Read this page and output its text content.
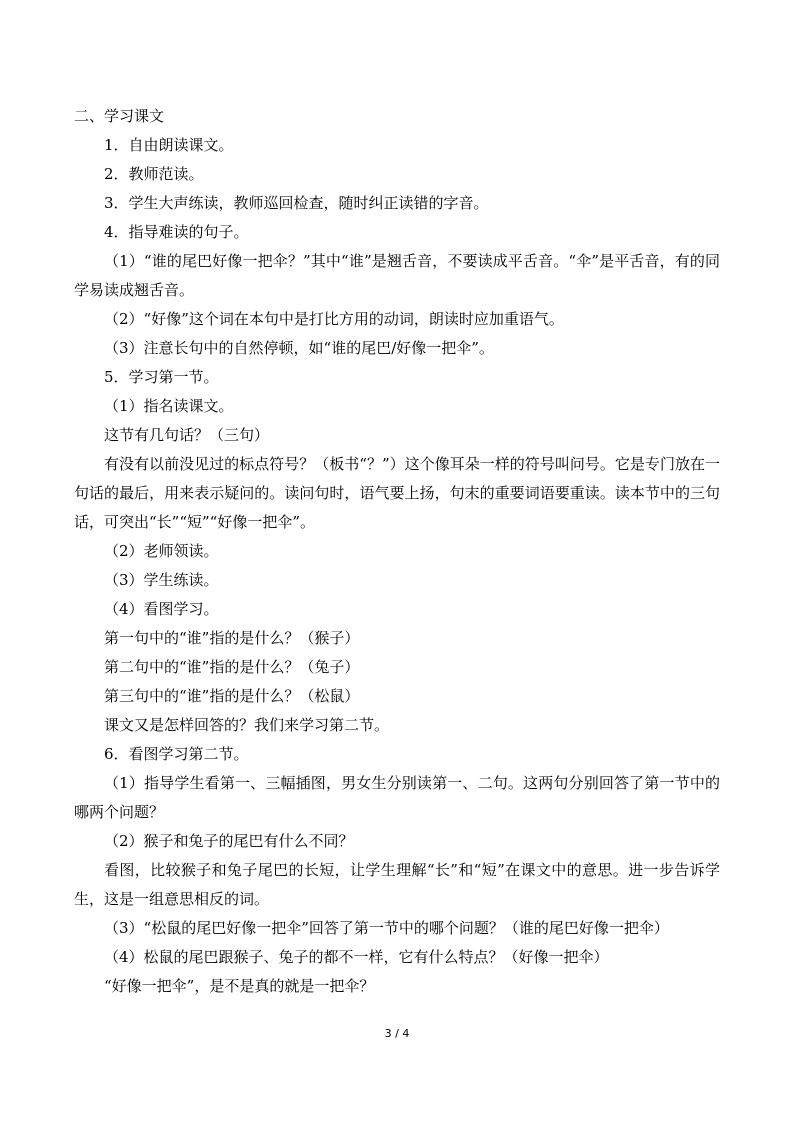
二、学习课文

1．自由朗读课文。

2．教师范读。

3．学生大声练读，教师巡回检查，随时纠正读错的字音。

4．指导难读的句子。

（1）“谁的尾巴好像一把伞？”其中“谁”是翘舌音，不要读成平舌音。“伞”是平舌音，有的同学易读成翘舌音。

（2）“好像”这个词在本句中是打比方用的动词，朗读时应加重语气。

（3）注意长句中的自然停顿，如“谁的尾巴/好像一把伞”。

5．学习第一节。

（1）指名读课文。

这节有几句话？（三句）

有没有以前没见过的标点符号？（板书“？”）这个像耳朵一样的符号叫问号。它是专门放在一句话的最后，用来表示疑问的。读问句时，语气要上扬，句末的重要词语要重读。读本节中的三句话，可突出“长”“短”“好像一把伞”。

（2）老师领读。

（3）学生练读。

（4）看图学习。

第一句中的“谁”指的是什么？（猴子）

第二句中的“谁”指的是什么？（兔子）

第三句中的“谁”指的是什么？（松鼠）

课文又是怎样回答的？我们来学习第二节。

6．看图学习第二节。

（1）指导学生看第一、三幅插图，男女生分别读第一、二句。这两句分别回答了第一节中的哪两个问题？

（2）猴子和兔子的尾巴有什么不同？

看图，比较猴子和兔子尾巴的长短，让学生理解“长”和“短”在课文中的意思。进一步告诉学生，这是一组意思相反的词。

（3）“松鼠的尾巴好像一把伞”回答了第一节中的哪个问题？（谁的尾巴好像一把伞）

（4）松鼠的尾巴跟猴子、兔子的都不一样，它有什么特点？（好像一把伞）

“好像一把伞”，是不是真的就是一把伞？

3 / 4
